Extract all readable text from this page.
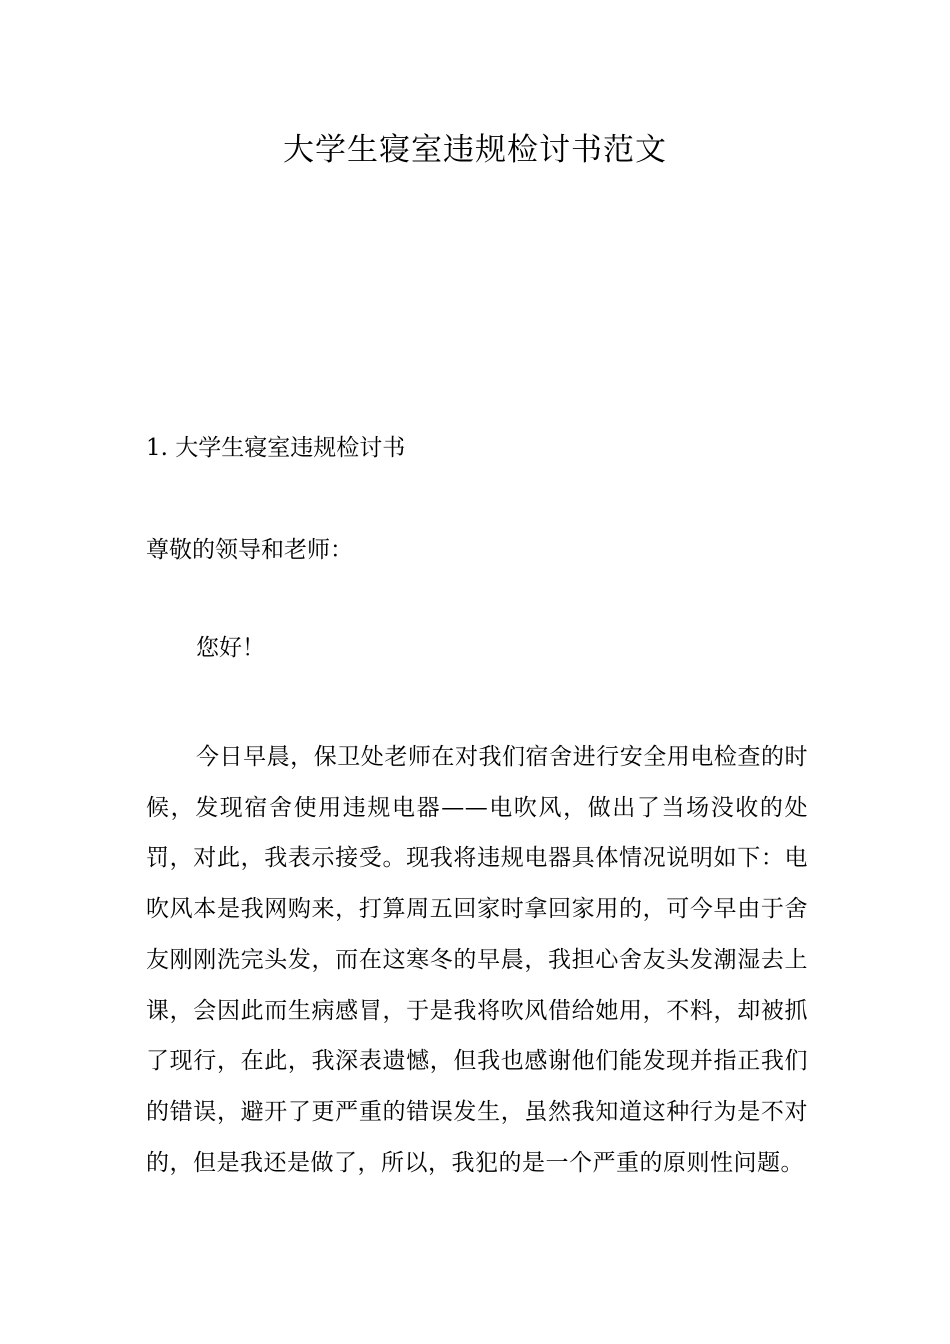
大学生寝室违规检讨书范文

1. 大学生寝室违规检讨书

尊敬的领导和老师：

您好！

今日早晨，保卫处老师在对我们宿舍进行安全用电检查的时候，发现宿舍使用违规电器——电吹风，做出了当场没收的处罚，对此，我表示接受。现我将违规电器具体情况说明如下：电吹风本是我网购来，打算周五回家时拿回家用的，可今早由于舍友刚刚洗完头发，而在这寒冬的早晨，我担心舍友头发潮湿去上课，会因此而生病感冒，于是我将吹风借给她用，不料，却被抓了现行，在此，我深表遗憾，但我也感谢他们能发现并指正我们的错误，避开了更严重的错误发生，虽然我知道这种行为是不对的，但是我还是做了，所以，我犯的是一个严重的原则性问题。
